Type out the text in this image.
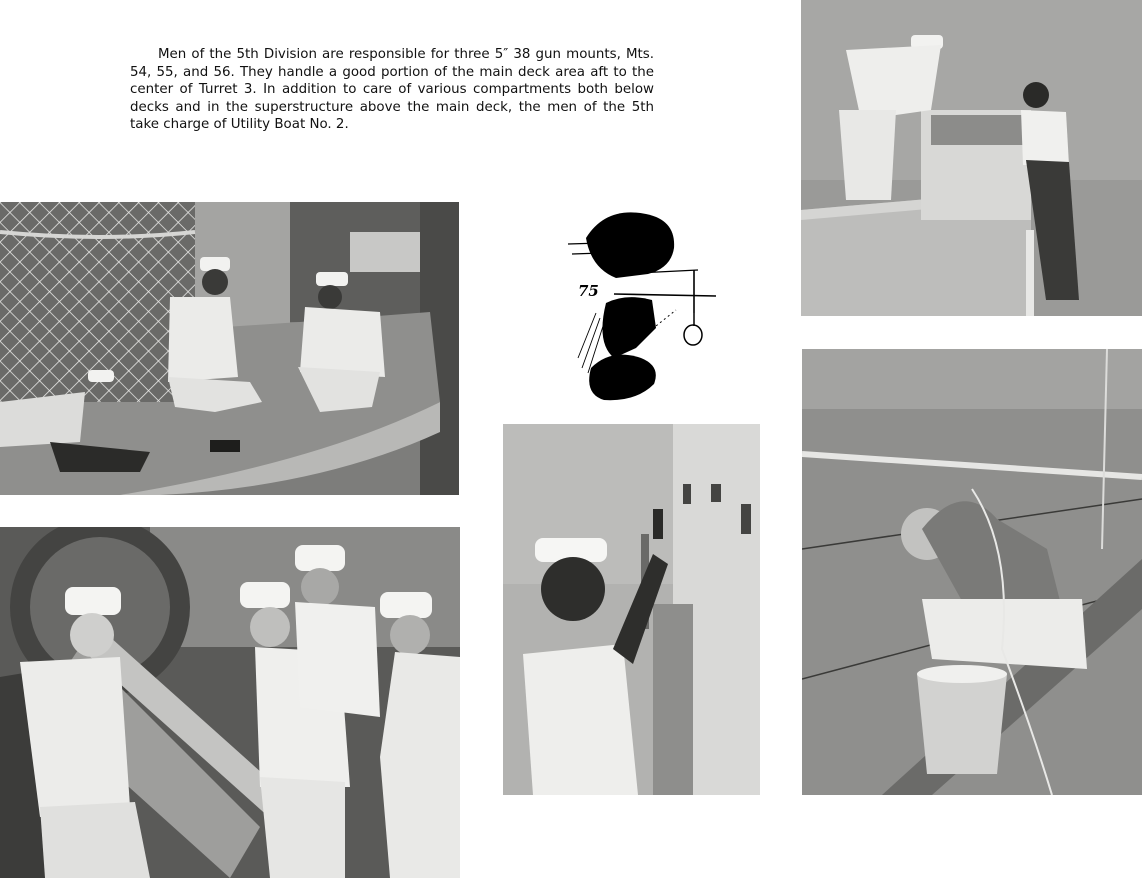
Men of the 5th Division are responsible for three 5″ 38 gun mounts, Mts. 54, 55, and 56. They handle a good portion of the main deck area aft to the center of Turret 3. In addition to care of various compartments both below decks and in the superstructure above the main deck, the men of the 5th take charge of Utility Boat No. 2.

75
